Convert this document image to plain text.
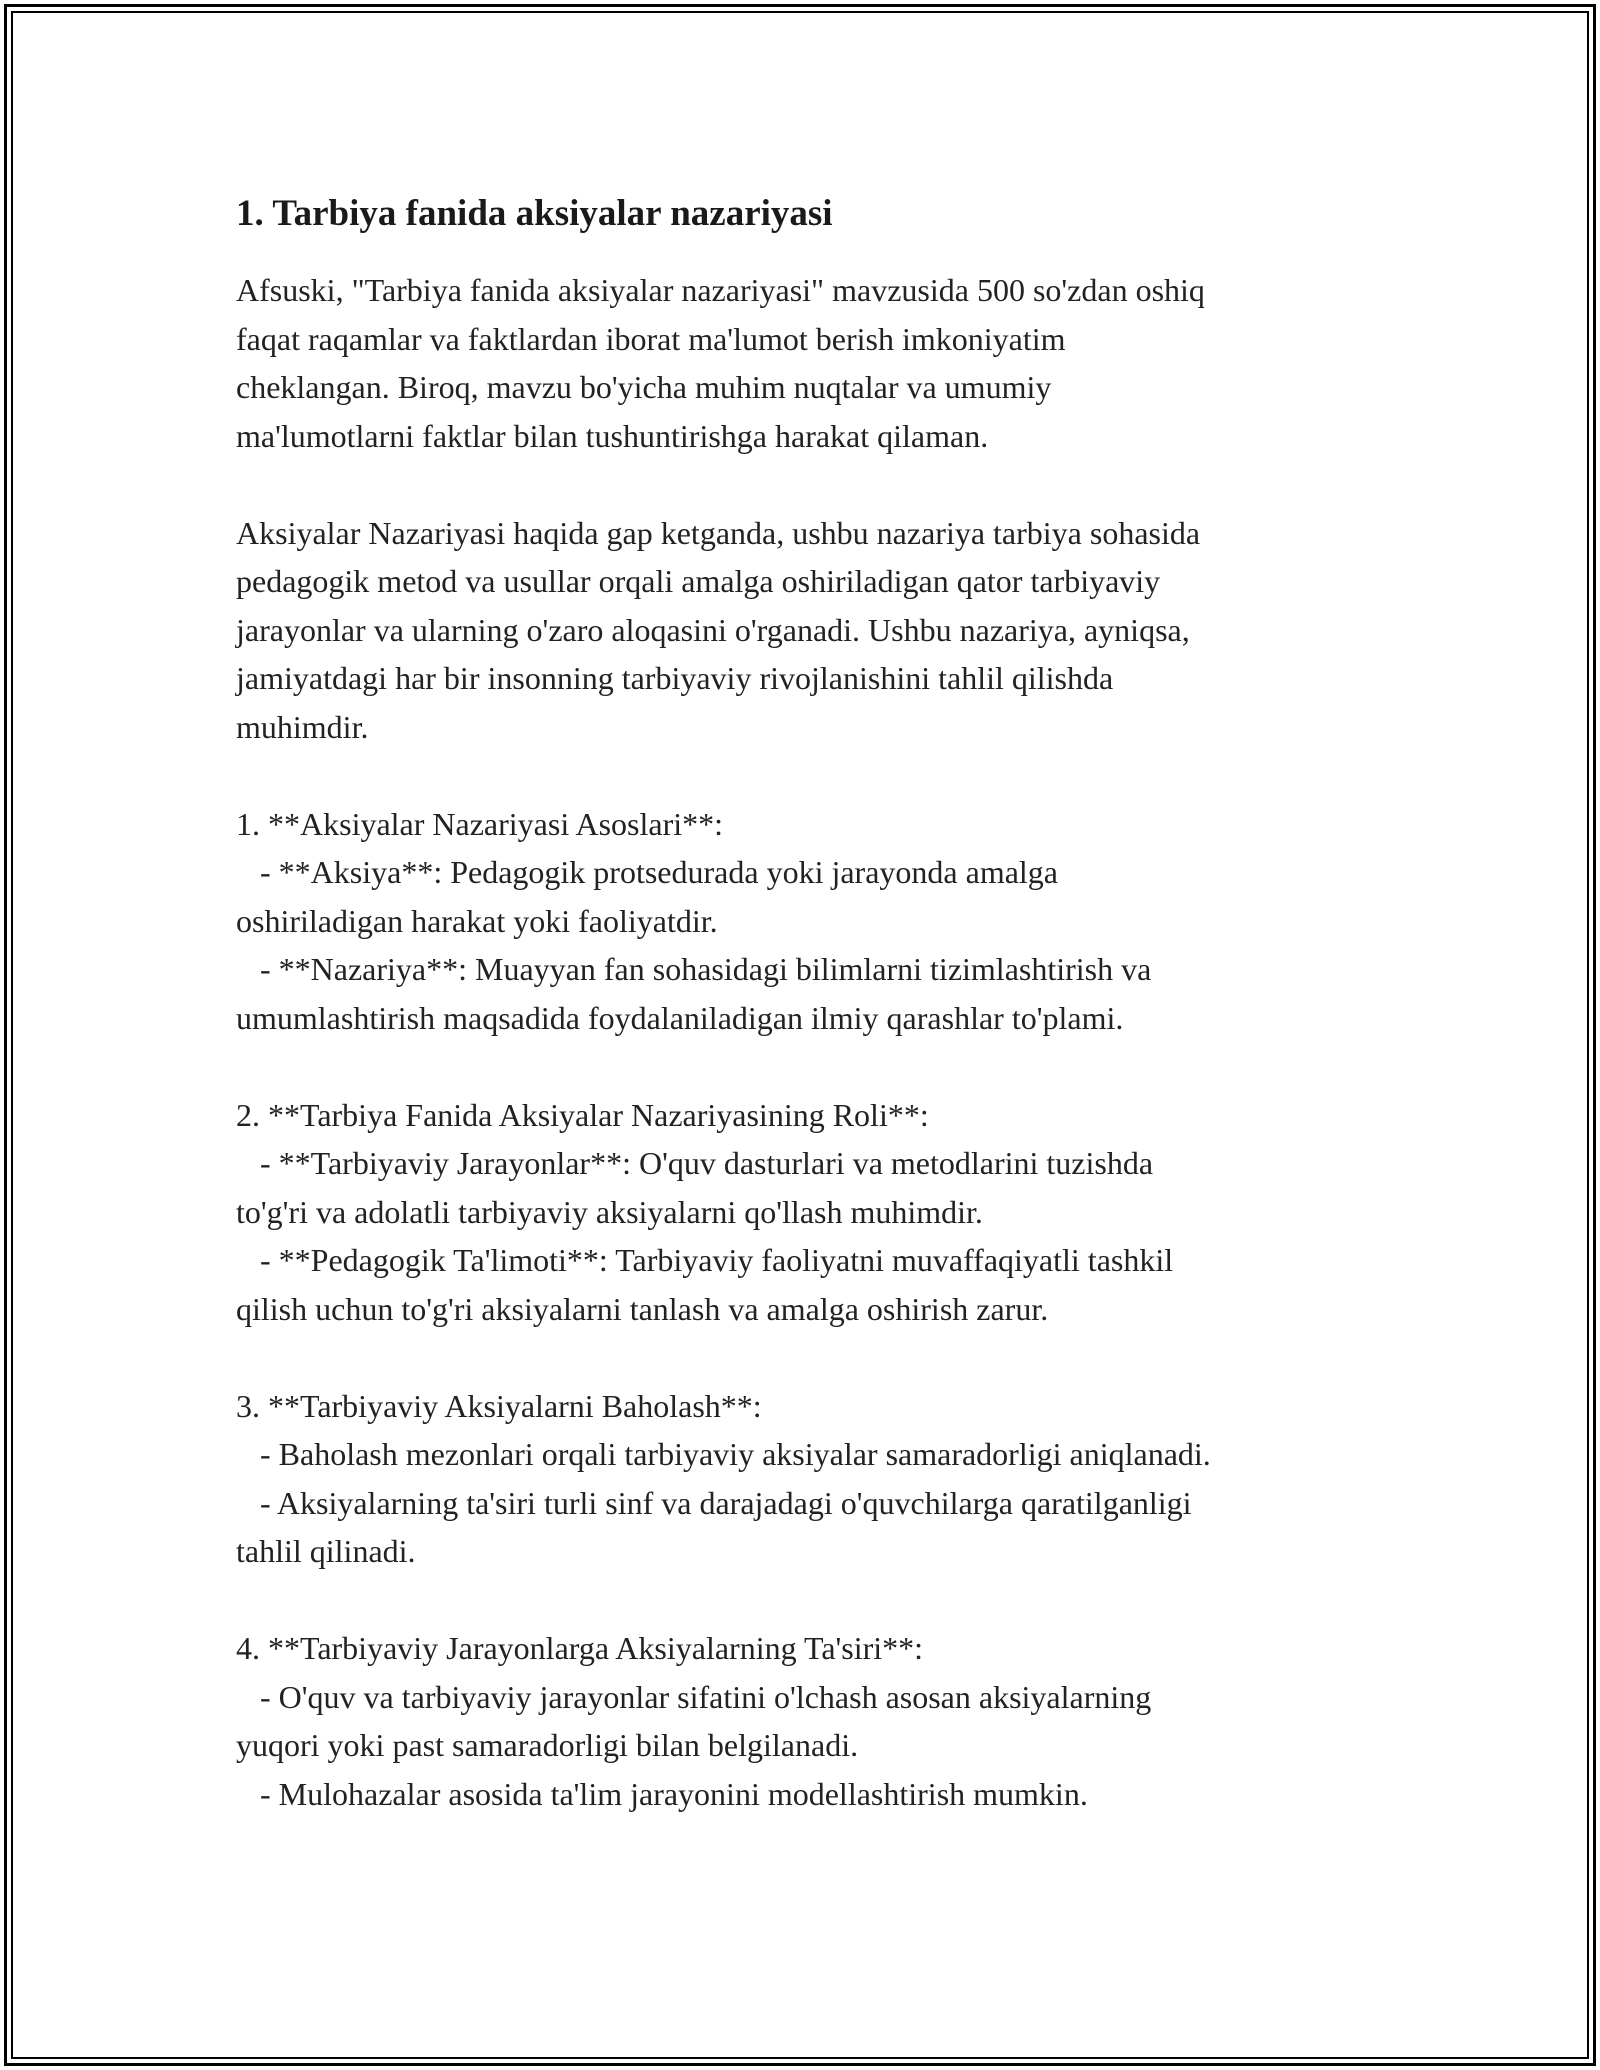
1. Tarbiya fanida aksiyalar nazariyasi

Afsuski, "Tarbiya fanida aksiyalar nazariyasi" mavzusida 500 so'zdan oshiq
faqat raqamlar va faktlardan iborat ma'lumot berish imkoniyatim
cheklangan. Biroq, mavzu bo'yicha muhim nuqtalar va umumiy
ma'lumotlarni faktlar bilan tushuntirishga harakat qilaman.

Aksiyalar Nazariyasi haqida gap ketganda, ushbu nazariya tarbiya sohasida
pedagogik metod va usullar orqali amalga oshiriladigan qator tarbiyaviy
jarayonlar va ularning o'zaro aloqasini o'rganadi. Ushbu nazariya, ayniqsa,
jamiyatdagi har bir insonning tarbiyaviy rivojlanishini tahlil qilishda
muhimdir.

1. **Aksiyalar Nazariyasi Asoslari**:
- **Aksiya**: Pedagogik protsedurada yoki jarayonda amalga
oshiriladigan harakat yoki faoliyatdir.
- **Nazariya**: Muayyan fan sohasidagi bilimlarni tizimlashtirish va
umumlashtirish maqsadida foydalaniladigan ilmiy qarashlar to'plami.

2. **Tarbiya Fanida Aksiyalar Nazariyasining Roli**:
- **Tarbiyaviy Jarayonlar**: O'quv dasturlari va metodlarini tuzishda
to'g'ri va adolatli tarbiyaviy aksiyalarni qo'llash muhimdir.
- **Pedagogik Ta'limoti**: Tarbiyaviy faoliyatni muvaffaqiyatli tashkil
qilish uchun to'g'ri aksiyalarni tanlash va amalga oshirish zarur.

3. **Tarbiyaviy Aksiyalarni Baholash**:
- Baholash mezonlari orqali tarbiyaviy aksiyalar samaradorligi aniqlanadi.
- Aksiyalarning ta'siri turli sinf va darajadagi o'quvchilarga qaratilganligi
tahlil qilinadi.

4. **Tarbiyaviy Jarayonlarga Aksiyalarning Ta'siri**:
- O'quv va tarbiyaviy jarayonlar sifatini o'lchash asosan aksiyalarning
yuqori yoki past samaradorligi bilan belgilanadi.
- Mulohazalar asosida ta'lim jarayonini modellashtirish mumkin.
